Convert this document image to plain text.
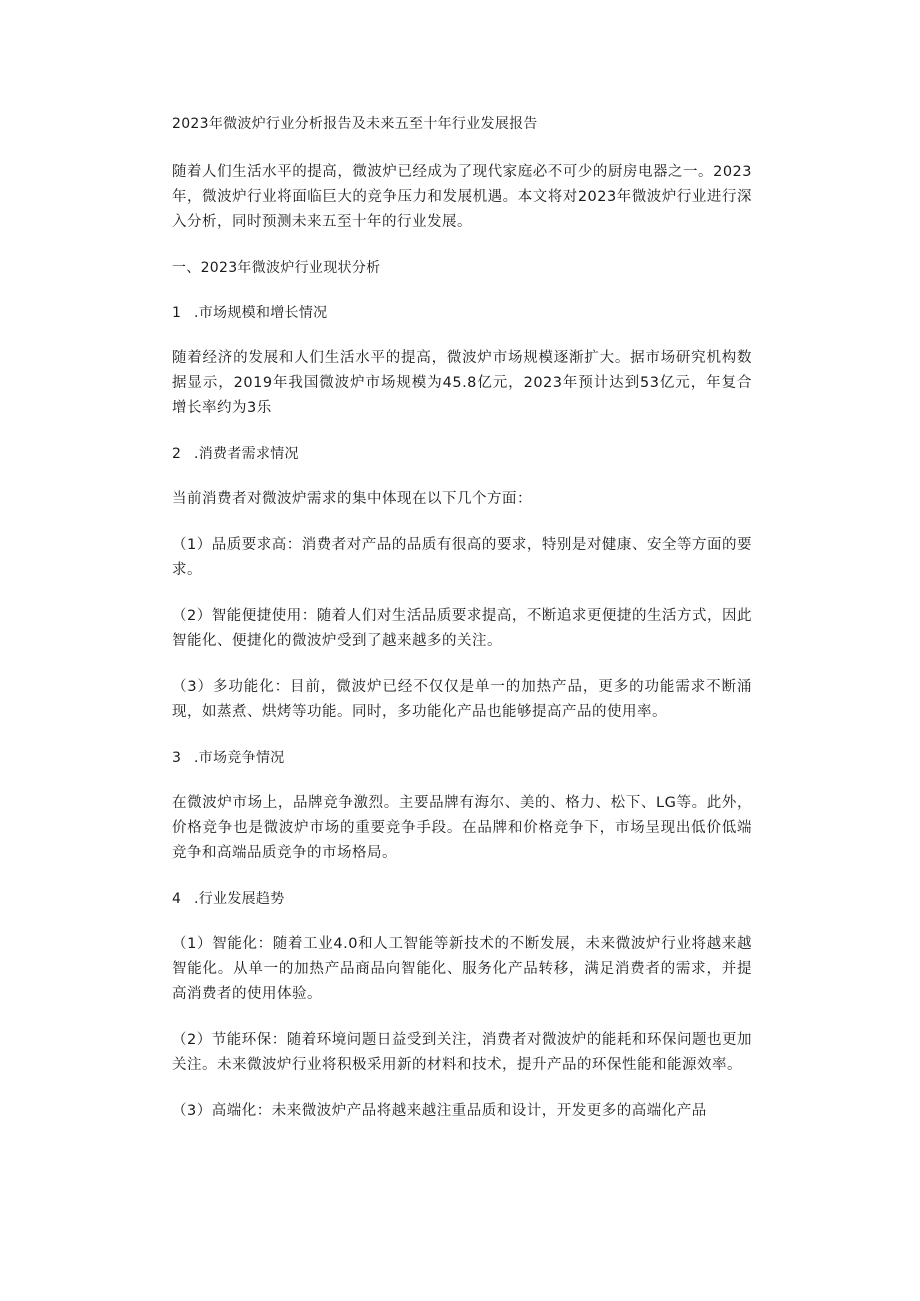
2023年微波炉行业分析报告及未来五至十年行业发展报告

随着人们生活水平的提高，微波炉已经成为了现代家庭必不可少的厨房电器之一。2023年，微波炉行业将面临巨大的竞争压力和发展机遇。本文将对2023年微波炉行业进行深入分析，同时预测未来五至十年的行业发展。

一、2023年微波炉行业现状分析
1 .市场规模和增长情况

随着经济的发展和人们生活水平的提高，微波炉市场规模逐渐扩大。据市场研究机构数据显示，2019年我国微波炉市场规模为45.8亿元，2023年预计达到53亿元，年复合增长率约为3乐

2 .消费者需求情况

当前消费者对微波炉需求的集中体现在以下几个方面：

（1）品质要求高：消费者对产品的品质有很高的要求，特别是对健康、安全等方面的要求。

（2）智能便捷使用：随着人们对生活品质要求提高，不断追求更便捷的生活方式，因此智能化、便捷化的微波炉受到了越来越多的关注。

（3）多功能化：目前，微波炉已经不仅仅是单一的加热产品，更多的功能需求不断涌现，如蒸煮、烘烤等功能。同时，多功能化产品也能够提高产品的使用率。

3 .市场竞争情况

在微波炉市场上，品牌竞争激烈。主要品牌有海尔、美的、格力、松下、LG等。此外，价格竞争也是微波炉市场的重要竞争手段。在品牌和价格竞争下，市场呈现出低价低端竞争和高端品质竞争的市场格局。

4 .行业发展趋势

（1）智能化：随着工业4.0和人工智能等新技术的不断发展，未来微波炉行业将越来越智能化。从单一的加热产品商品向智能化、服务化产品转移，满足消费者的需求，并提高消费者的使用体验。

（2）节能环保：随着环境问题日益受到关注，消费者对微波炉的能耗和环保问题也更加关注。未来微波炉行业将积极采用新的材料和技术，提升产品的环保性能和能源效率。

（3）高端化：未来微波炉产品将越来越注重品质和设计，开发更多的高端化产品
